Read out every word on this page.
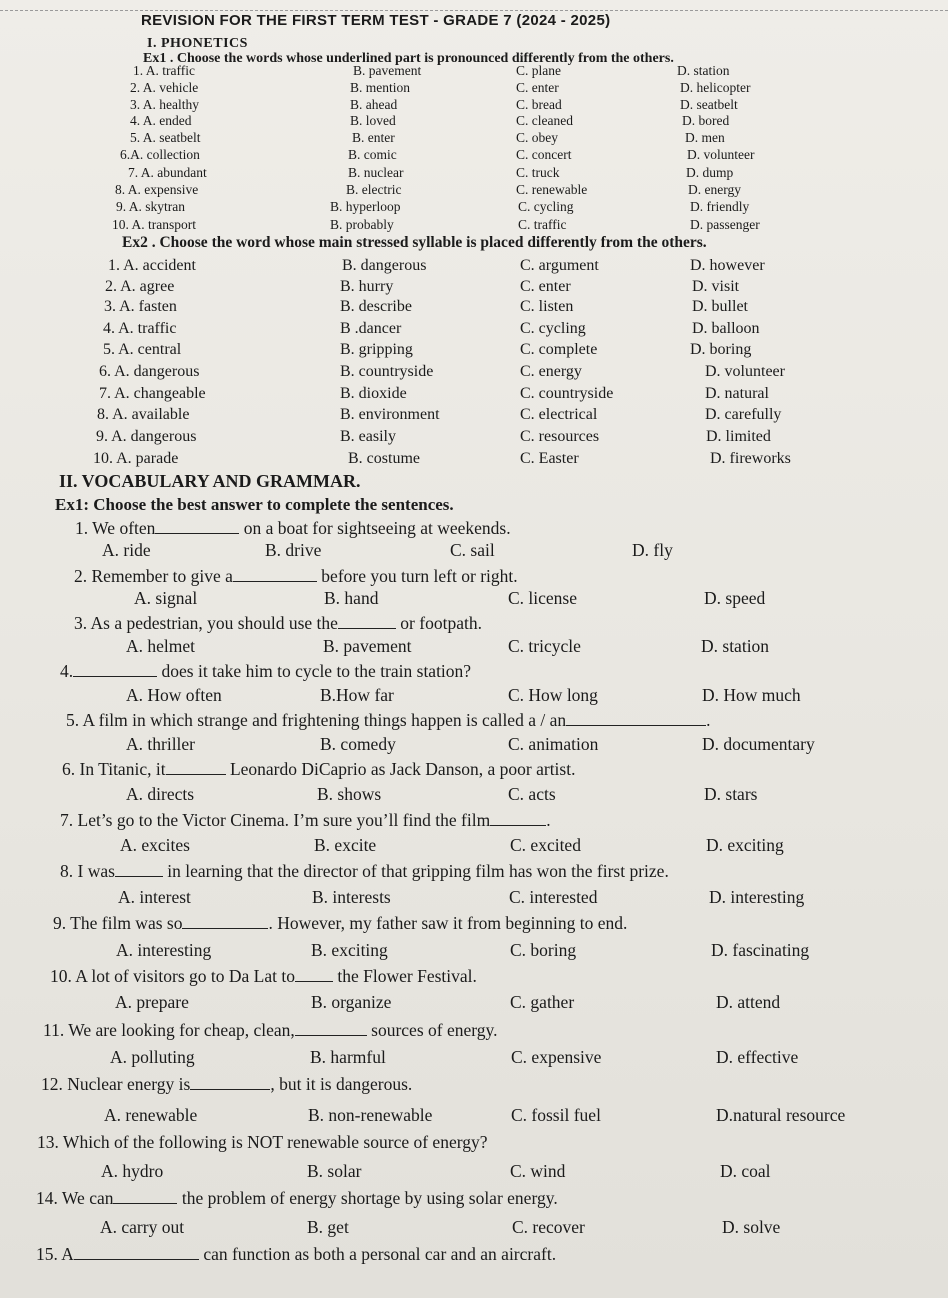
REVISION FOR THE FIRST TERM TEST - GRADE 7 (2024 - 2025)
I. PHONETICS
Ex1 . Choose the words whose underlined part is pronounced differently from the others.
1. A. traffic	B. pavement	C. plane	D. station
2. A. vehicle	B. mention	C. enter	D. helicopter
3. A. healthy	B. ahead	C. bread	D. seatbelt
4. A. ended	B. loved	C. cleaned	D. bored
5. A. seatbelt	B. enter	C. obey	D. men
6.A. collection	B. comic	C. concert	D. volunteer
7. A. abundant	B. nuclear	C. truck	D. dump
8. A. expensive	B. electric	C. renewable	D. energy
9. A. skytran	B. hyperloop	C. cycling	D. friendly
10. A. transport	B. probably	C. traffic	D. passenger
Ex2 . Choose the word whose main stressed syllable is placed differently from the others.
1. A. accident	B. dangerous	C. argument	D. however
2. A. agree	B. hurry	C. enter	D. visit
3. A. fasten	B. describe	C. listen	D. bullet
4. A. traffic	B .dancer	C. cycling	D. balloon
5. A. central	B. gripping	C. complete	D. boring
6. A. dangerous	B. countryside	C. energy	D. volunteer
7. A. changeable	B. dioxide	C. countryside	D. natural
8. A. available	B. environment	C. electrical	D. carefully
9. A. dangerous	B. easily	C. resources	D. limited
10. A. parade	B. costume	C. Easter	D. fireworks
II. VOCABULARY AND GRAMMAR.
Ex1: Choose the best answer to complete the sentences.
1. We often	on a boat for sightseeing at weekends.
A. ride	B. drive	C. sail	D. fly
2. Remember to give a	before you turn left or right.
A. signal	B. hand	C. license	D. speed
3. As a pedestrian, you should use the	or footpath.
A. helmet	B. pavement	C. tricycle	D. station
4.	does it take him to cycle to the train station?
A. How often	B.How far	C. How long	D. How much
5. A film in which strange and frightening things happen is called a / an	.
A. thriller	B. comedy	C. animation	D. documentary
6. In Titanic, it	Leonardo DiCaprio as Jack Danson, a poor artist.
A. directs	B. shows	C. acts	D. stars
7. Let’s go to the Victor Cinema. I’m sure you’ll find the film	.
A. excites	B. excite	C. excited	D. exciting
8. I was	in learning that the director of that gripping film has won the first prize.
A. interest	B. interests	C. interested	D. interesting
9. The film was so	. However, my father saw it from beginning to end.
A. interesting	B. exciting	C. boring	D. fascinating
10. A lot of visitors go to Da Lat to the Flower Festival.
A. prepare	B. organize	C. gather	D. attend
11. We are looking for cheap, clean,	sources of energy.
A. polluting	B. harmful	C. expensive	D. effective
12. Nuclear energy is	, but it is dangerous.
A. renewable	B. non-renewable	C. fossil fuel	D.natural resource
13. Which of the following is NOT renewable source of energy?
A. hydro	B. solar	C. wind	D. coal
14. We can	the problem of energy shortage by using solar energy.
A. carry out	B. get	C. recover	D. solve
15. A	can function as both a personal car and an aircraft.
